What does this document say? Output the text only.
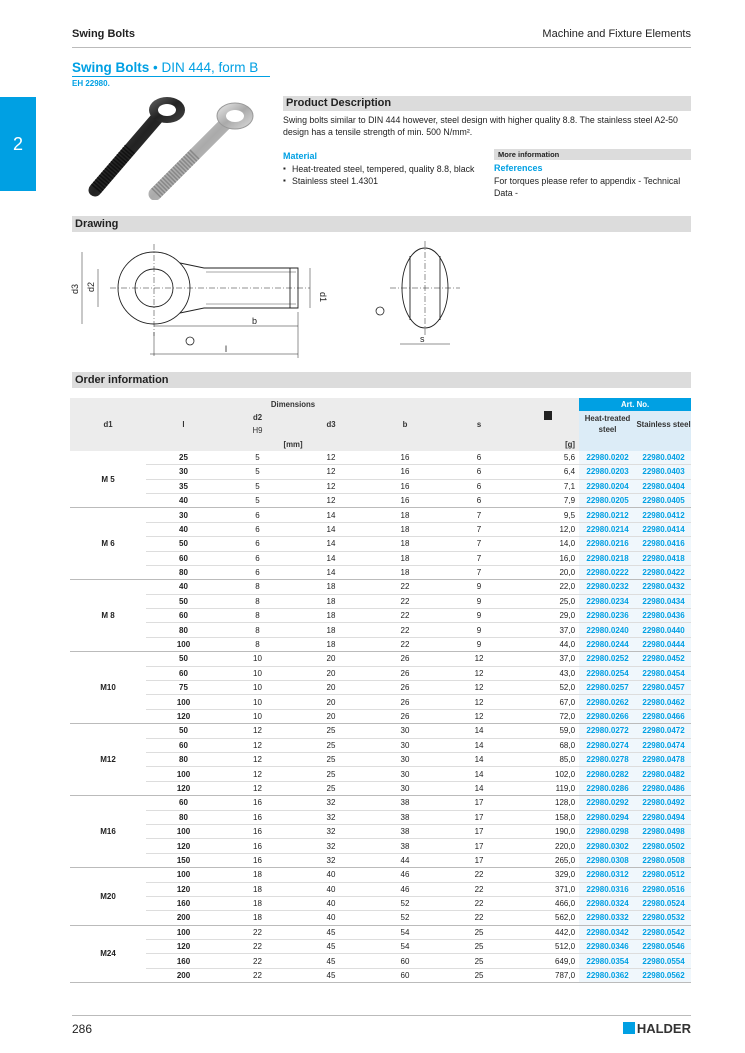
Swing Bolts	Machine and Fixture Elements
2
Swing Bolts • DIN 444, form B
EH 22980.
Product Description
Swing bolts similar to DIN 444 however, steel design with higher quality 8.8. The stainless steel A2-50 design has a tensile strength of min. 500 N/mm².
Material
▪ Heat-treated steel, tempered, quality 8.8, black
▪ Stainless steel 1.4301
More information
References
For torques please refer to appendix - Technical Data -
Drawing
d3 d2
d1
b
l
s
Order information
Dimensions							Art. No.	
d1	l	d2
H9	d3	b	s		Heat-treated steel	Stainless steel
[mm]						[g]		
M 5	25	5	12	16	6	5,6	22980.0202	22980.0402
	30	5	12	16	6	6,4	22980.0203	22980.0403
	35	5	12	16	6	7,1	22980.0204	22980.0404
	40	5	12	16	6	7,9	22980.0205	22980.0405
M 6	30	6	14	18	7	9,5	22980.0212	22980.0412
	40	6	14	18	7	12,0	22980.0214	22980.0414
	50	6	14	18	7	14,0	22980.0216	22980.0416
	60	6	14	18	7	16,0	22980.0218	22980.0418
	80	6	14	18	7	20,0	22980.0222	22980.0422
M 8	40	8	18	22	9	22,0	22980.0232	22980.0432
	50	8	18	22	9	25,0	22980.0234	22980.0434
	60	8	18	22	9	29,0	22980.0236	22980.0436
	80	8	18	22	9	37,0	22980.0240	22980.0440
	100	8	18	22	9	44,0	22980.0244	22980.0444
M10	50	10	20	26	12	37,0	22980.0252	22980.0452
	60	10	20	26	12	43,0	22980.0254	22980.0454
	75	10	20	26	12	52,0	22980.0257	22980.0457
	100	10	20	26	12	67,0	22980.0262	22980.0462
	120	10	20	26	12	72,0	22980.0266	22980.0466
M12	50	12	25	30	14	59,0	22980.0272	22980.0472
	60	12	25	30	14	68,0	22980.0274	22980.0474
	80	12	25	30	14	85,0	22980.0278	22980.0478
	100	12	25	30	14	102,0	22980.0282	22980.0482
	120	12	25	30	14	119,0	22980.0286	22980.0486
M16	60	16	32	38	17	128,0	22980.0292	22980.0492
	80	16	32	38	17	158,0	22980.0294	22980.0494
	100	16	32	38	17	190,0	22980.0298	22980.0498
	120	16	32	38	17	220,0	22980.0302	22980.0502
	150	16	32	44	17	265,0	22980.0308	22980.0508
M20	100	18	40	46	22	329,0	22980.0312	22980.0512
	120	18	40	46	22	371,0	22980.0316	22980.0516
	160	18	40	52	22	466,0	22980.0324	22980.0524
	200	18	40	52	22	562,0	22980.0332	22980.0532
M24	100	22	45	54	25	442,0	22980.0342	22980.0542
	120	22	45	54	25	512,0	22980.0346	22980.0546
	160	22	45	60	25	649,0	22980.0354	22980.0554
	200	22	45	60	25	787,0	22980.0362	22980.0562
286	HALDER
